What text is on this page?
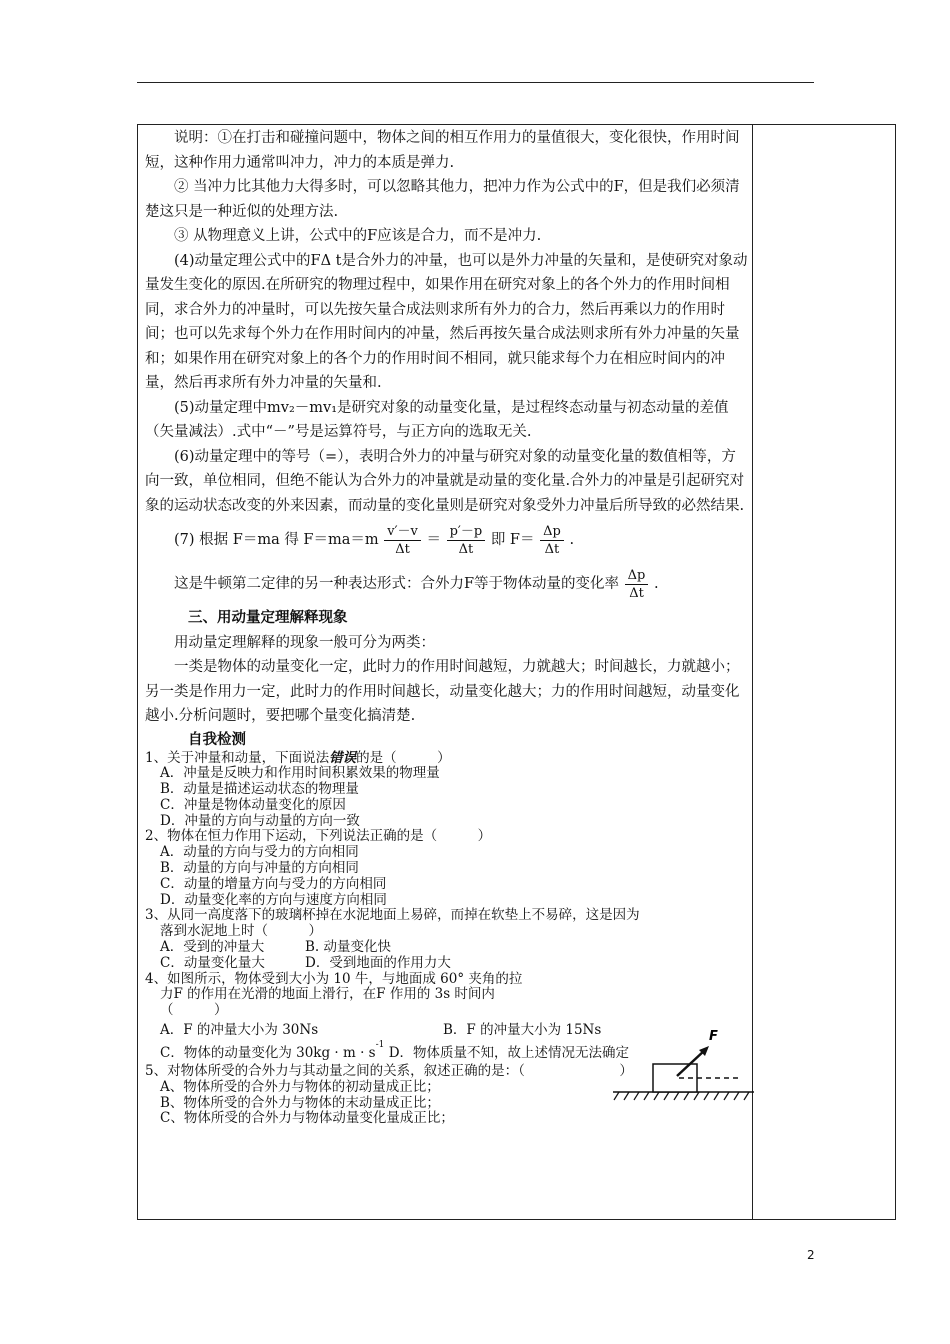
说明：①在打击和碰撞问题中，物体之间的相互作用力的量值很大，变化很快，作用时间短，这种作用力通常叫冲力，冲力的本质是弹力.

② 当冲力比其他力大得多时，可以忽略其他力，把冲力作为公式中的F，但是我们必须清楚这只是一种近似的处理方法.

③ 从物理意义上讲，公式中的F应该是合力，而不是冲力.

(4)动量定理公式中的FΔ t是合外力的冲量，也可以是外力冲量的矢量和，是使研究对象动量发生变化的原因.在所研究的物理过程中，如果作用在研究对象上的各个外力的作用时间相同，求合外力的冲量时，可以先按矢量合成法则求所有外力的合力，然后再乘以力的作用时间；也可以先求每个外力在作用时间内的冲量，然后再按矢量合成法则求所有外力冲量的矢量和；如果作用在研究对象上的各个力的作用时间不相同，就只能求每个力在相应时间内的冲量，然后再求所有外力冲量的矢量和.

(5)动量定理中mv₂－mv₁是研究对象的动量变化量，是过程终态动量与初态动量的差值（矢量减法）.式中“－”号是运算符号，与正方向的选取无关.

(6)动量定理中的等号（=），表明合外力的冲量与研究对象的动量变化量的数值相等，方向一致，单位相同，但绝不能认为合外力的冲量就是动量的变化量.合外力的冲量是引起研究对象的运动状态改变的外来因素，而动量的变化量则是研究对象受外力冲量后所导致的必然结果.

(7) 根据 F＝ma 得 $F=ma=m \frac{v'-v}{\Delta t} = \frac{p'-p}{\Delta t}$ 即 $F= \frac{\Delta p}{\Delta t}$ .

这是牛顿第二定律的另一种表达形式：合外力F等于物体动量的变化率 $\frac{\Delta p}{\Delta t}$ .

三、用动量定理解释现象

用动量定理解释的现象一般可分为两类：

一类是物体的动量变化一定，此时力的作用时间越短，力就越大；时间越长，力就越小；另一类是作用力一定，此时力的作用时间越长，动量变化越大；力的作用时间越短，动量变化越小.分析问题时，要把哪个量变化搞清楚.

自我检测

1、关于冲量和动量，下面说法错误的是（　　　）

A．冲量是反映力和作用时间积累效果的物理量

B．动量是描述运动状态的物理量

C．冲量是物体动量变化的原因

D．冲量的方向与动量的方向一致

2、物体在恒力作用下运动，下列说法正确的是（　　　）

A．动量的方向与受力的方向相同

B．动量的方向与冲量的方向相同

C．动量的增量方向与受力的方向相同

D．动量变化率的方向与速度方向相同

3、从同一高度落下的玻璃杯掉在水泥地面上易碎，而掉在软垫上不易碎，这是因为

落到水泥地上时（　　　）

A．受到的冲量大	B. 动量变化快

C．动量变化量大	D．受到地面的作用力大

4、如图所示，物体受到大小为 10 牛，与地面成 60° 夹角的拉

力F 的作用在光滑的地面上滑行，在F 作用的 3s 时间内

（　　　）

A．F 的冲量大小为 30Ns	B．F 的冲量大小为 15Ns

C．物体的动量变化为 $30kg \cdot m \cdot s^{-1}$ D．物体质量不知，故上述情况无法确定

5、对物体所受的合外力与其动量之间的关系，叙述正确的是：（　　　　　　　）

A、物体所受的合外力与物体的初动量成正比；

B、物体所受的合外力与物体的末动量成正比；

C、物体所受的合外力与物体动量变化量成正比；

F
2
